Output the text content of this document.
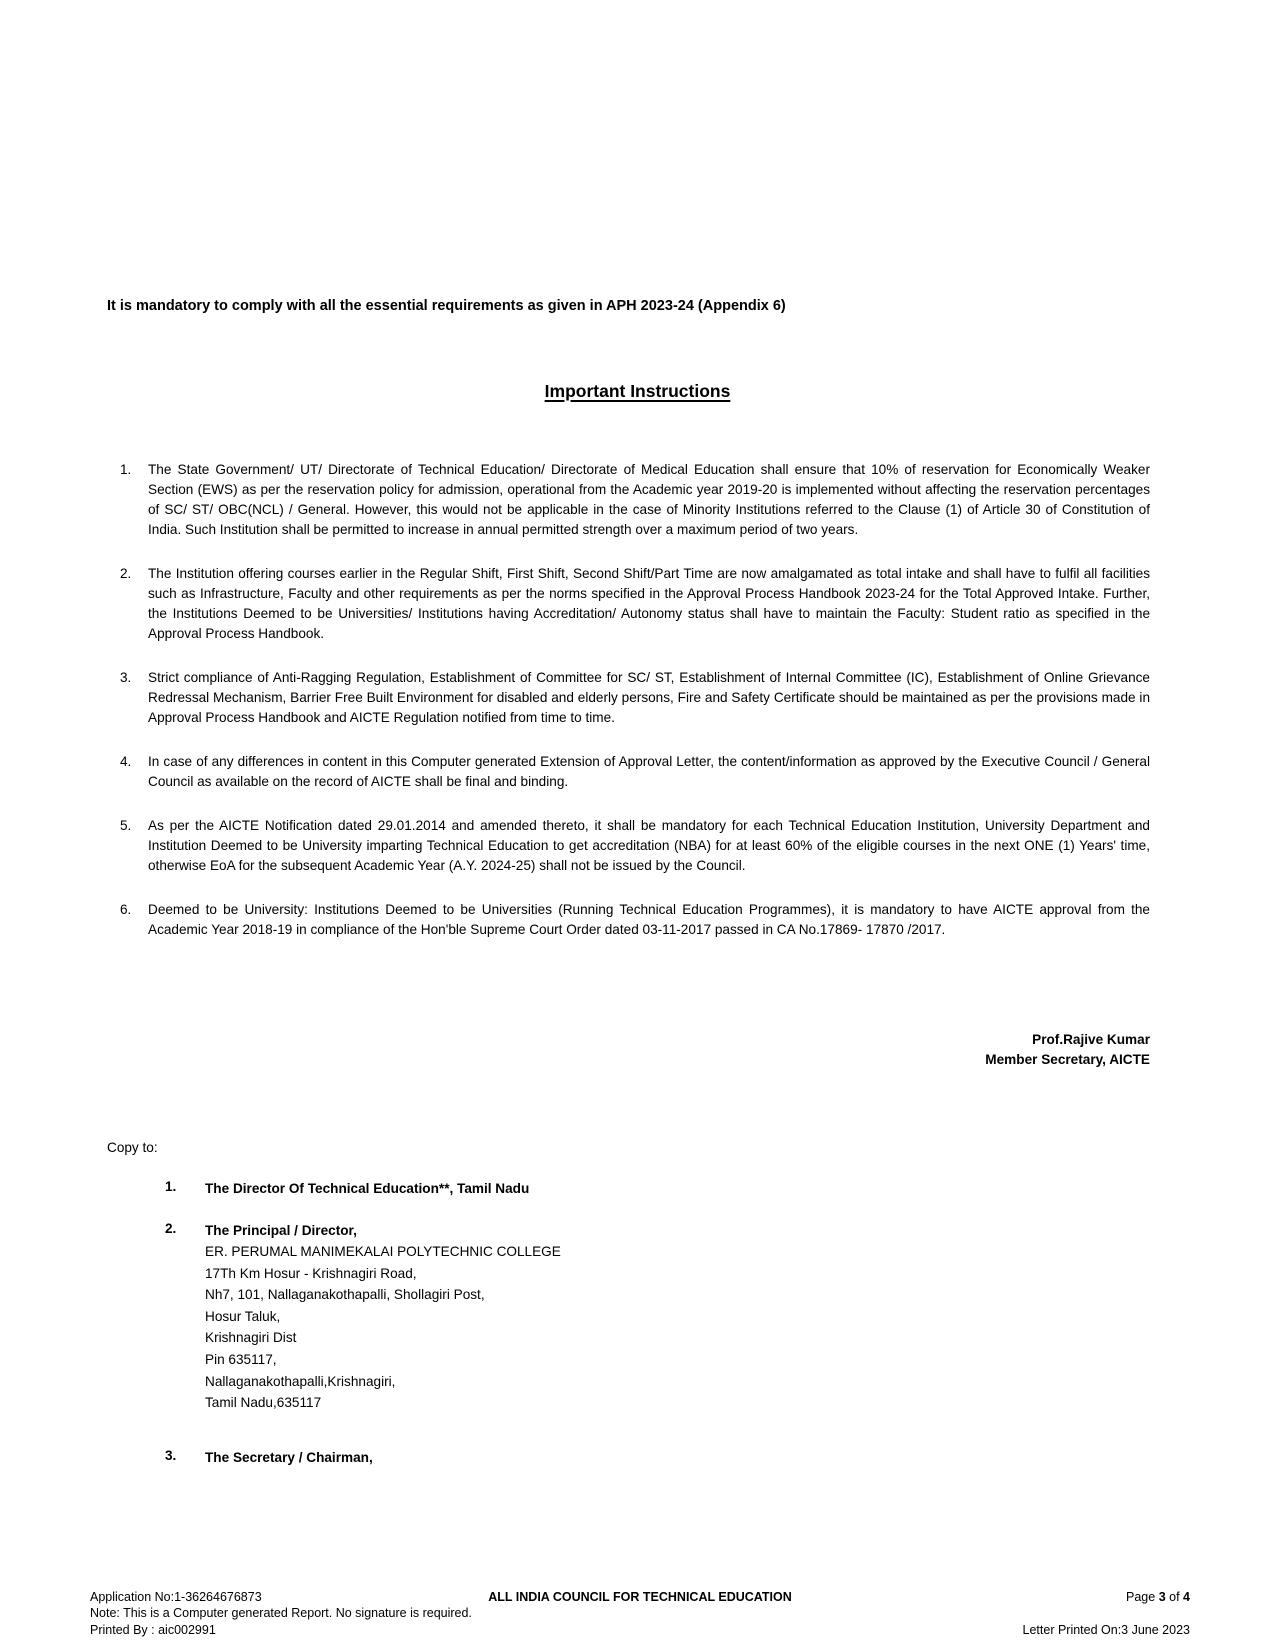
It is mandatory to comply with all the essential requirements as given in APH 2023-24 (Appendix 6)
Important Instructions
1.	The State Government/ UT/ Directorate of Technical Education/ Directorate of Medical Education shall ensure that 10% of reservation for Economically Weaker Section (EWS) as per the reservation policy for admission, operational from the Academic year 2019-20 is implemented without affecting the reservation percentages of SC/ ST/ OBC(NCL) / General. However, this would not be applicable in the case of Minority Institutions referred to the Clause (1) of Article 30 of Constitution of India. Such Institution shall be permitted to increase in annual permitted strength over a maximum period of two years.

2.	The Institution offering courses earlier in the Regular Shift, First Shift, Second Shift/Part Time are now amalgamated as total intake and shall have to fulfil all facilities such as Infrastructure, Faculty and other requirements as per the norms specified in the Approval Process Handbook 2023-24 for the Total Approved Intake. Further, the Institutions Deemed to be Universities/ Institutions having Accreditation/ Autonomy status shall have to maintain the Faculty: Student ratio as specified in the Approval Process Handbook.

3.	Strict compliance of Anti-Ragging Regulation, Establishment of Committee for SC/ ST, Establishment of Internal Committee (IC), Establishment of Online Grievance Redressal Mechanism, Barrier Free Built Environment for disabled and elderly persons, Fire and Safety Certificate should be maintained as per the provisions made in Approval Process Handbook and AICTE Regulation notified from time to time.

4.	In case of any differences in content in this Computer generated Extension of Approval Letter, the content/information as approved by the Executive Council / General Council as available on the record of AICTE shall be final and binding.

5.	As per the AICTE Notification dated 29.01.2014 and amended thereto, it shall be mandatory for each Technical Education Institution, University Department and Institution Deemed to be University imparting Technical Education to get accreditation (NBA) for at least 60% of the eligible courses in the next ONE (1) Years' time, otherwise EoA for the subsequent Academic Year (A.Y. 2024-25) shall not be issued by the Council.

6.	Deemed to be University: Institutions Deemed to be Universities (Running Technical Education Programmes), it is mandatory to have AICTE approval from the Academic Year 2018-19 in compliance of the Hon'ble Supreme Court Order dated 03-11-2017 passed in CA No.17869- 17870 /2017.

Prof.Rajive Kumar
Member Secretary, AICTE
Copy to:
1.	The Director Of Technical Education**, Tamil Nadu
2.	The Principal / Director,
ER. PERUMAL MANIMEKALAI POLYTECHNIC COLLEGE
17Th Km Hosur - Krishnagiri Road,
Nh7, 101, Nallaganakothapalli, Shollagiri Post,
Hosur Taluk,
Krishnagiri Dist
Pin 635117,
Nallaganakothapalli,Krishnagiri,
Tamil Nadu,635117
3.	The Secretary / Chairman,
Application No:1-36264676873	ALL INDIA COUNCIL FOR TECHNICAL EDUCATION	Page 3 of 4
Note: This is a Computer generated Report. No signature is required.
Printed By : aic002991	Letter Printed On:3 June 2023
